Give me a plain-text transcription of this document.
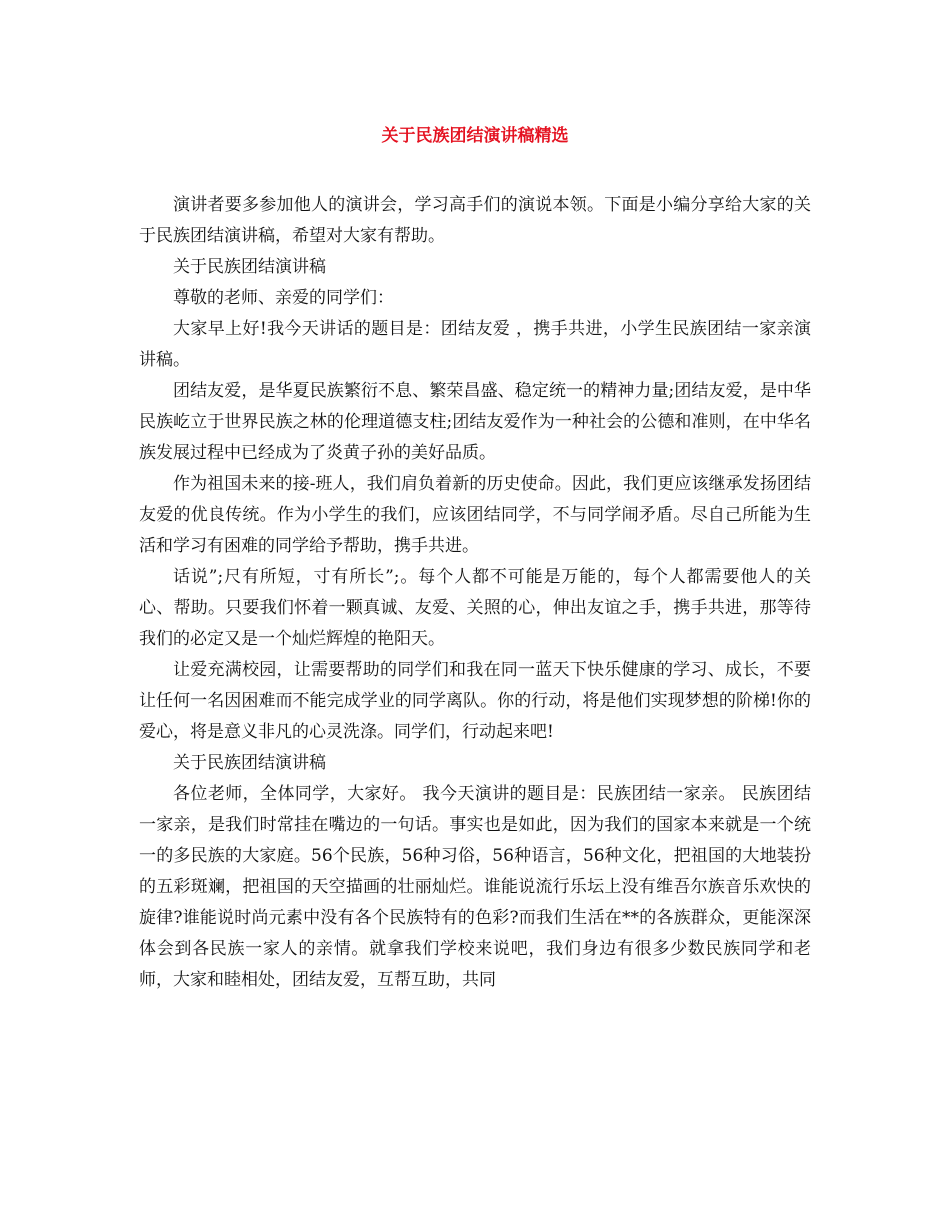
关于民族团结演讲稿精选

演讲者要多参加他人的演讲会，学习高手们的演说本领。下面是小编分享给大家的关于民族团结演讲稿，希望对大家有帮助。

关于民族团结演讲稿

尊敬的老师、亲爱的同学们：

大家早上好!我今天讲话的题目是：团结友爱 ，携手共进，小学生民族团结一家亲演讲稿。

团结友爱，是华夏民族繁衍不息、繁荣昌盛、稳定统一的精神力量;团结友爱，是中华民族屹立于世界民族之林的伦理道德支柱;团结友爱作为一种社会的公德和准则，在中华名族发展过程中已经成为了炎黄子孙的美好品质。

作为祖国未来的接-班人，我们肩负着新的历史使命。因此，我们更应该继承发扬团结友爱的优良传统。作为小学生的我们，应该团结同学，不与同学闹矛盾。尽自己所能为生活和学习有困难的同学给予帮助，携手共进。

话说”;尺有所短，寸有所长”;。每个人都不可能是万能的，每个人都需要他人的关心、帮助。只要我们怀着一颗真诚、友爱、关照的心，伸出友谊之手，携手共进，那等待我们的必定又是一个灿烂辉煌的艳阳天。

让爱充满校园，让需要帮助的同学们和我在同一蓝天下快乐健康的学习、成长，不要让任何一名因困难而不能完成学业的同学离队。你的行动，将是他们实现梦想的阶梯!你的爱心，将是意义非凡的心灵洗涤。同学们，行动起来吧!

关于民族团结演讲稿

各位老师，全体同学，大家好。 我今天演讲的题目是：民族团结一家亲。 民族团结一家亲，是我们时常挂在嘴边的一句话。事实也是如此，因为我们的国家本来就是一个统一的多民族的大家庭。56个民族，56种习俗，56种语言，56种文化，把祖国的大地装扮的五彩斑斓，把祖国的天空描画的壮丽灿烂。谁能说流行乐坛上没有维吾尔族音乐欢快的旋律?谁能说时尚元素中没有各个民族特有的色彩?而我们生活在**的各族群众，更能深深体会到各民族一家人的亲情。就拿我们学校来说吧，我们身边有很多少数民族同学和老师，大家和睦相处，团结友爱，互帮互助，共同
